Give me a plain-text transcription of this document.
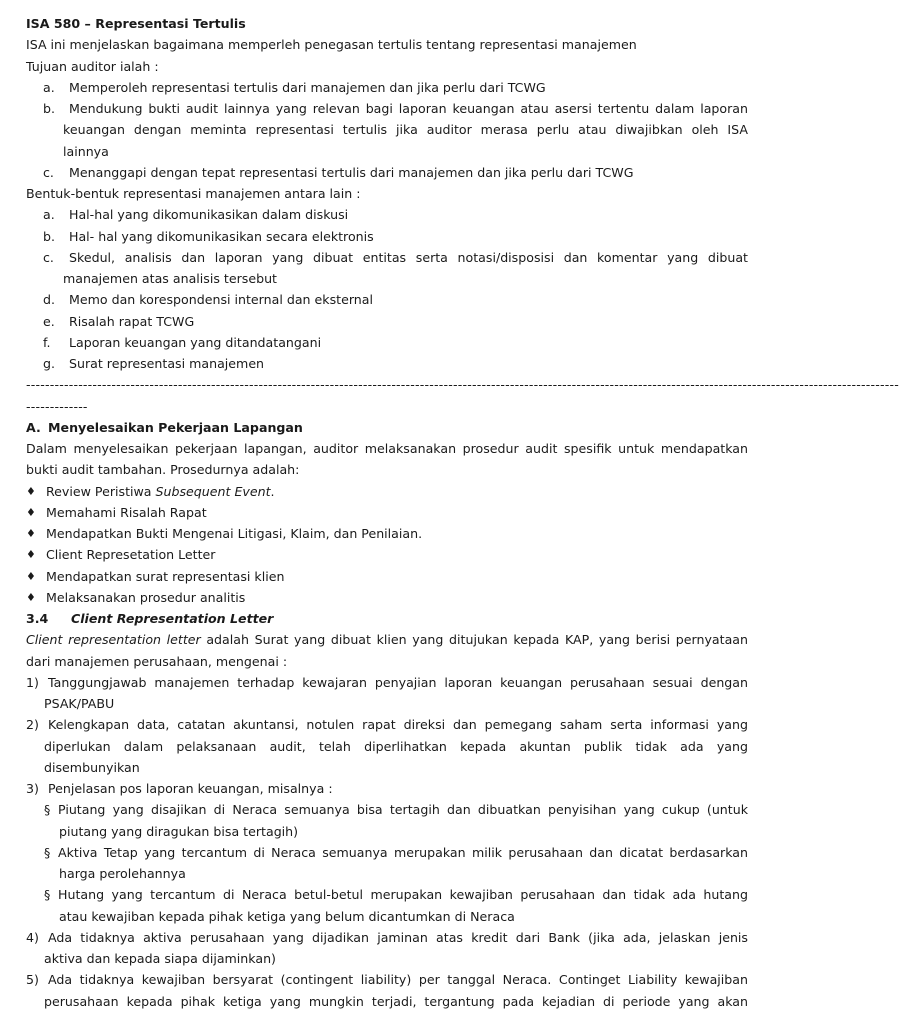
ISA 580 – Representasi Tertulis
ISA ini menjelaskan bagaimana memperleh penegasan tertulis tentang representasi manajemen
Tujuan auditor ialah :
a.	Memperoleh representasi tertulis dari manajemen dan jika perlu dari TCWG
b.	Mendukung bukti audit lainnya yang relevan bagi laporan keuangan atau asersi tertentu dalam laporan
keuangan dengan meminta representasi tertulis jika auditor merasa perlu atau diwajibkan oleh ISA
lainnya
c.	Menanggapi dengan tepat representasi tertulis dari manajemen dan jika perlu dari TCWG
Bentuk-bentuk representasi manajemen antara lain :
a.	Hal-hal yang dikomunikasikan dalam diskusi
b.	Hal- hal yang dikomunikasikan secara elektronis
c.	Skedul, analisis dan laporan yang dibuat entitas serta notasi/disposisi dan komentar yang dibuat
manajemen atas analisis tersebut
d.	Memo dan korespondensi internal dan eksternal
e.	Risalah rapat TCWG
f.	Laporan keuangan yang ditandatangani
g.	Surat representasi manajemen
----------------------------------------------------------------------------------------------------------------------------------------------------------------------------------------
-------------
A. Menyelesaikan Pekerjaan Lapangan
Dalam menyelesaikan pekerjaan lapangan, auditor melaksanakan prosedur audit spesifik untuk mendapatkan
bukti audit tambahan. Prosedurnya adalah:
♦ Review Peristiwa Subsequent Event.
♦ Memahami Risalah Rapat
♦ Mendapatkan Bukti Mengenai Litigasi, Klaim, dan Penilaian.
♦ Client Represetation Letter
♦ Mendapatkan surat representasi klien
♦ Melaksanakan prosedur analitis
3.4	Client Representation Letter
Client representation letter adalah Surat yang dibuat klien yang ditujukan kepada KAP, yang berisi pernyataan
dari manajemen perusahaan, mengenai :
1) Tanggungjawab manajemen terhadap kewajaran penyajian laporan keuangan perusahaan sesuai dengan
PSAK/PABU
2) Kelengkapan data, catatan akuntansi, notulen rapat direksi dan pemegang saham serta informasi yang
diperlukan dalam pelaksanaan audit, telah diperlihatkan kepada akuntan publik tidak ada yang
disembunyikan
3) Penjelasan pos laporan keuangan, misalnya :
§ Piutang yang disajikan di Neraca semuanya bisa tertagih dan dibuatkan penyisihan yang cukup (untuk
piutang yang diragukan bisa tertagih)
§ Aktiva Tetap yang tercantum di Neraca semuanya merupakan milik perusahaan dan dicatat berdasarkan
harga perolehannya
§ Hutang yang tercantum di Neraca betul-betul merupakan kewajiban perusahaan dan tidak ada hutang
atau kewajiban kepada pihak ketiga yang belum dicantumkan di Neraca
4) Ada tidaknya aktiva perusahaan yang dijadikan jaminan atas kredit dari Bank (jika ada, jelaskan jenis
aktiva dan kepada siapa dijaminkan)
5) Ada tidaknya kewajiban bersyarat (contingent liability) per tanggal Neraca. Continget Liability kewajiban
perusahaan kepada pihak ketiga yang mungkin terjadi, tergantung pada kejadian di periode yang akan
